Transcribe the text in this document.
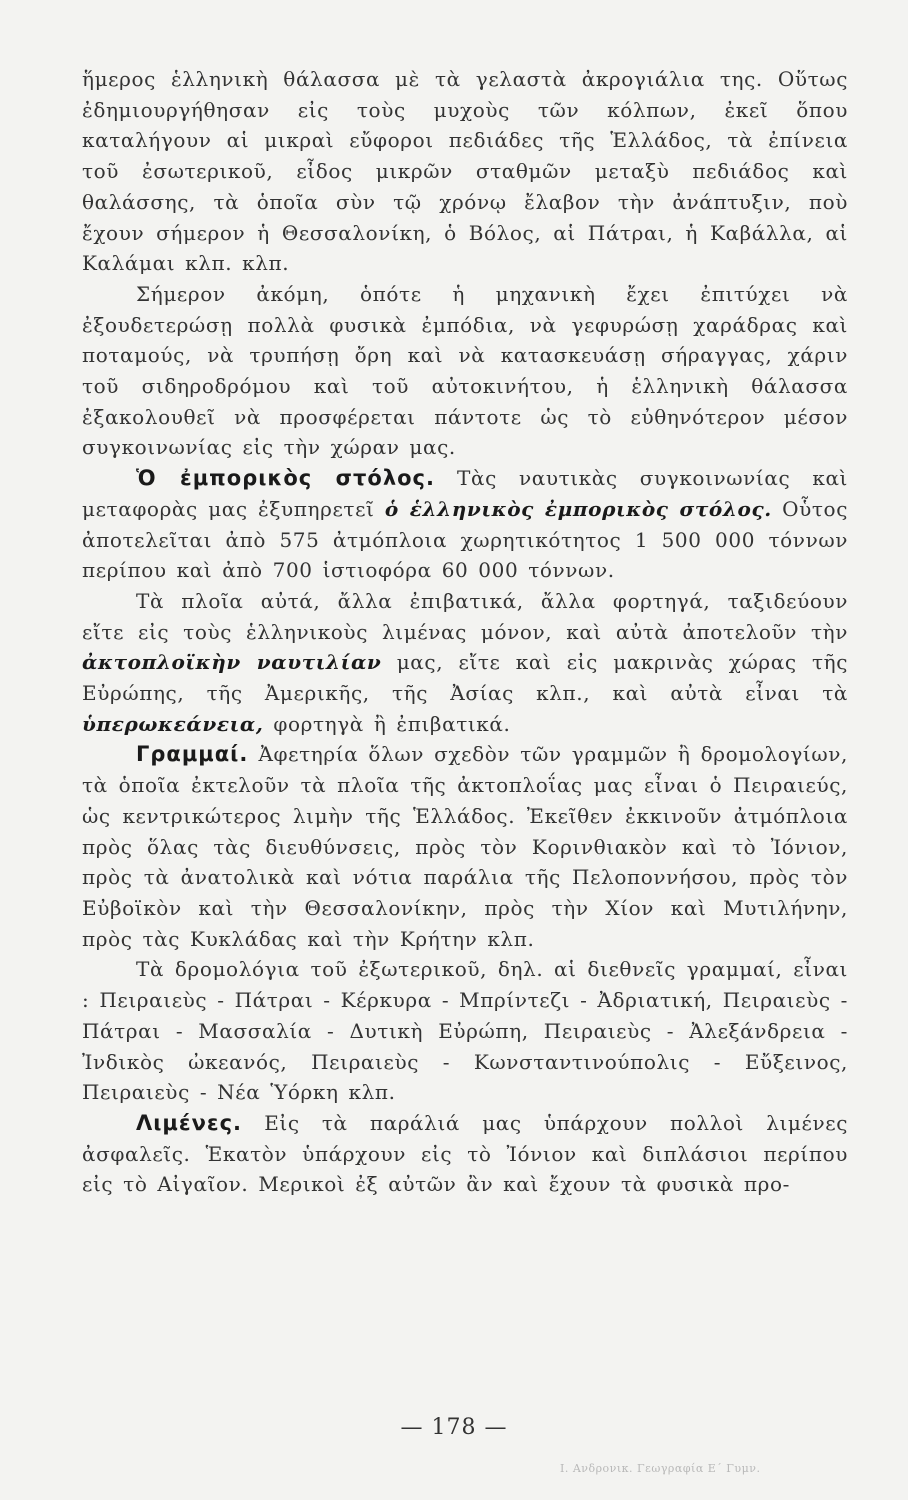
ἥμερος ἑλληνικὴ θάλασσα μὲ τὰ γελαστὰ ἀκρογιάλια της. Οὕτως ἐδημιουργήθησαν εἰς τοὺς μυχοὺς τῶν κόλπων, ἐκεῖ ὅπου καταλήγουν αἱ μικραὶ εὔφοροι πεδιάδες τῆς Ἑλλάδος, τὰ ἐπίνεια τοῦ ἐσωτερικοῦ, εἶδος μικρῶν σταθμῶν μεταξὺ πεδιάδος καὶ θαλάσσης, τὰ ὁποῖα σὺν τῷ χρόνῳ ἔλαβον τὴν ἀνάπτυξιν, ποὺ ἔχουν σήμερον ἡ Θεσσαλονίκη, ὁ Βόλος, αἱ Πάτραι, ἡ Καβάλλα, αἱ Καλάμαι κλπ. κλπ.

Σήμερον ἀκόμη, ὁπότε ἡ μηχανικὴ ἔχει ἐπιτύχει νὰ ἐξουδετερώσῃ πολλὰ φυσικὰ ἐμπόδια, νὰ γεφυρώσῃ χαράδρας καὶ ποταμούς, νὰ τρυπήσῃ ὄρη καὶ νὰ κατασκευάσῃ σήραγγας, χάριν τοῦ σιδηροδρόμου καὶ τοῦ αὐτοκινήτου, ἡ ἑλληνικὴ θάλασσα ἐξακολουθεῖ νὰ προσφέρεται πάντοτε ὡς τὸ εὐθηνότερον μέσον συγκοινωνίας εἰς τὴν χώραν μας.

Ὁ ἐμπορικὸς στόλος. Τὰς ναυτικὰς συγκοινωνίας καὶ μεταφορὰς μας ἐξυπηρετεῖ ὁ ἑλληνικὸς ἐμπορικὸς στόλος. Οὗτος ἀποτελεῖται ἀπὸ 575 ἀτμόπλοια χωρητικότητος 1 500 000 τόννων περίπου καὶ ἀπὸ 700 ἱστιοφόρα 60 000 τόννων.

Τὰ πλοῖα αὐτά, ἄλλα ἐπιβατικά, ἄλλα φορτηγά, ταξιδεύουν εἴτε εἰς τοὺς ἑλληνικοὺς λιμένας μόνον, καὶ αὐτὰ ἀποτελοῦν τὴν ἀκτοπλοϊκὴν ναυτιλίαν μας, εἴτε καὶ εἰς μακρινὰς χώρας τῆς Εὐρώπης, τῆς Ἀμερικῆς, τῆς Ἀσίας κλπ., καὶ αὐτὰ εἶναι τὰ ὑπερωκεάνεια, φορτηγὰ ἢ ἐπιβατικά.

Γραμμαί. Ἀφετηρία ὅλων σχεδὸν τῶν γραμμῶν ἢ δρομολογίων, τὰ ὁποῖα ἐκτελοῦν τὰ πλοῖα τῆς ἀκτοπλοΐας μας εἶναι ὁ Πειραιεύς, ὡς κεντρικώτερος λιμὴν τῆς Ἑλλάδος. Ἐκεῖθεν ἐκκινοῦν ἀτμόπλοια πρὸς ὅλας τὰς διευθύνσεις, πρὸς τὸν Κορινθιακὸν καὶ τὸ Ἰόνιον, πρὸς τὰ ἀνατολικὰ καὶ νότια παράλια τῆς Πελοποννήσου, πρὸς τὸν Εὐβοϊκὸν καὶ τὴν Θεσσαλονίκην, πρὸς τὴν Χίον καὶ Μυτιλήνην, πρὸς τὰς Κυκλάδας καὶ τὴν Κρήτην κλπ.

Τὰ δρομολόγια τοῦ ἐξωτερικοῦ, δηλ. αἱ διεθνεῖς γραμμαί, εἶναι : Πειραιεὺς - Πάτραι - Κέρκυρα - Μπρίντεζι - Ἀδριατική, Πειραιεὺς - Πάτραι - Μασσαλία - Δυτικὴ Εὐρώπη, Πειραιεὺς - Ἀλεξάνδρεια - Ἰνδικὸς ὠκεανός, Πειραιεὺς - Κωνσταντινούπολις - Εὔξεινος, Πειραιεὺς - Νέα Ὑόρκη κλπ.

Λιμένες. Εἰς τὰ παράλιά μας ὑπάρχουν πολλοὶ λιμένες ἀσφαλεῖς. Ἑκατὸν ὑπάρχουν εἰς τὸ Ἰόνιον καὶ διπλάσιοι περίπου εἰς τὸ Αἰγαῖον. Μερικοὶ ἐξ αὐτῶν ἂν καὶ ἔχουν τὰ φυσικὰ προ-

— 178 —
Ι. Ανδρονικ. Γεωγραφία Ε΄ Γυμν.
